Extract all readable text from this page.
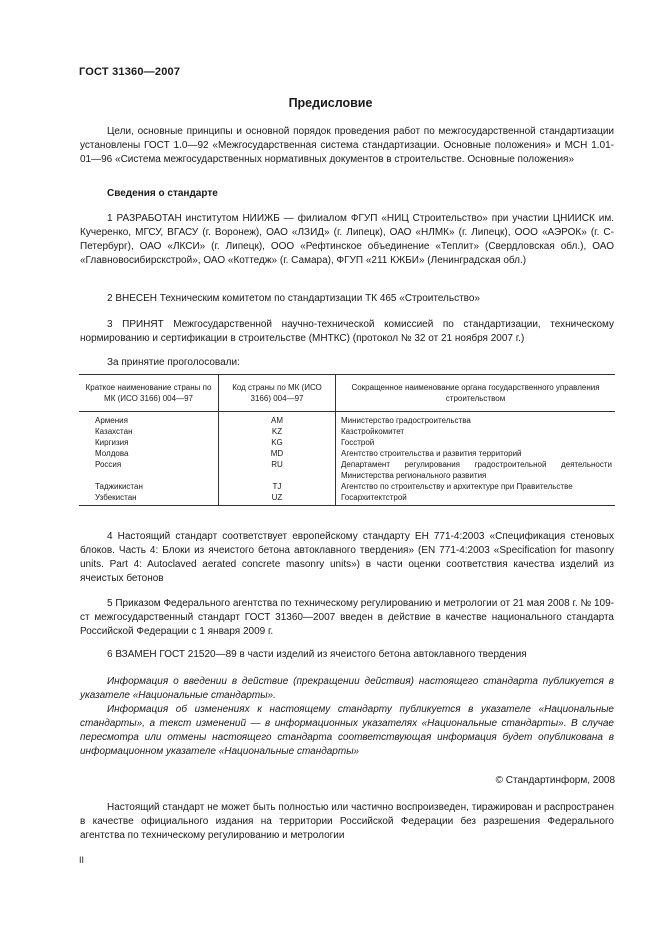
ГОСТ 31360—2007
Предисловие

Цели, основные принципы и основной порядок проведения работ по межгосударственной стандартизации установлены ГОСТ 1.0—92 «Межгосударственная система стандартизации. Основные положения» и МСН 1.01-01—96 «Система межгосударственных нормативных документов в строительстве. Основные положения»

Сведения о стандарте

1 РАЗРАБОТАН институтом НИИЖБ — филиалом ФГУП «НИЦ Строительство» при участии ЦНИИСК им. Кучеренко, МГСУ, ВГАСУ (г. Воронеж), ОАО «ЛЗИД» (г. Липецк), ОАО «НЛМК» (г. Липецк), ООО «АЭРОК» (г. С-Петербург), ОАО «ЛКСИ» (г. Липецк), ООО «Рефтинское объединение «Теплит» (Свердловская обл.), ОАО «Главновосибирскстрой», ОАО «Коттедж» (г. Самара), ФГУП «211 КЖБИ» (Ленинградская обл.)

2 ВНЕСЕН Техническим комитетом по стандартизации ТК 465 «Строительство»

3 ПРИНЯТ Межгосударственной научно-технической комиссией по стандартизации, техническому нормированию и сертификации в строительстве (МНТКС) (протокол № 32 от 21 ноября 2007 г.)

За принятие проголосовали:
Краткое наименование страны по МК (ИСО 3166) 004—97	Код страны по МК (ИСО 3166) 004—97	Сокращенное наименование органа государственного управления строительством
Армения	AM	Министерство градостроительства
Казахстан	KZ	Казстройкомитет
Киргизия	KG	Госстрой
Молдова	MD	Агентство строительства и развития территорий
Россия	RU	Департамент регулирования градостроительной деятельности Министерства регионального развития
Таджикистан	TJ	Агентство по строительству и архитектуре при Правительстве
Узбекистан	UZ	Госархитектстрой

4 Настоящий стандарт соответствует европейскому стандарту ЕН 771-4:2003 «Спецификация стеновых блоков. Часть 4: Блоки из ячеистого бетона автоклавного твердения» (EN 771-4:2003 «Specification for masonry units. Part 4: Autoclaved aerated concrete masonry units») в части оценки соответствия качества изделий из ячеистых бетонов

5 Приказом Федерального агентства по техническому регулированию и метрологии от 21 мая 2008 г. № 109-ст межгосударственный стандарт ГОСТ 31360—2007 введен в действие в качестве национального стандарта Российской Федерации с 1 января 2009 г.

6 ВЗАМЕН ГОСТ 21520—89 в части изделий из ячеистого бетона автоклавного твердения

Информация о введении в действие (прекращении действия) настоящего стандарта публикуется в указателе «Национальные стандарты».

Информация об изменениях к настоящему стандарту публикуется в указателе «Национальные стандарты», а текст изменений — в информационных указателях «Национальные стандарты». В случае пересмотра или отмены настоящего стандарта соответствующая информация будет опубликована в информационном указателе «Национальные стандарты»

© Стандартинформ, 2008

Настоящий стандарт не может быть полностью или частично воспроизведен, тиражирован и распространен в качестве официального издания на территории Российской Федерации без разрешения Федерального агентства по техническому регулированию и метрологии

II
